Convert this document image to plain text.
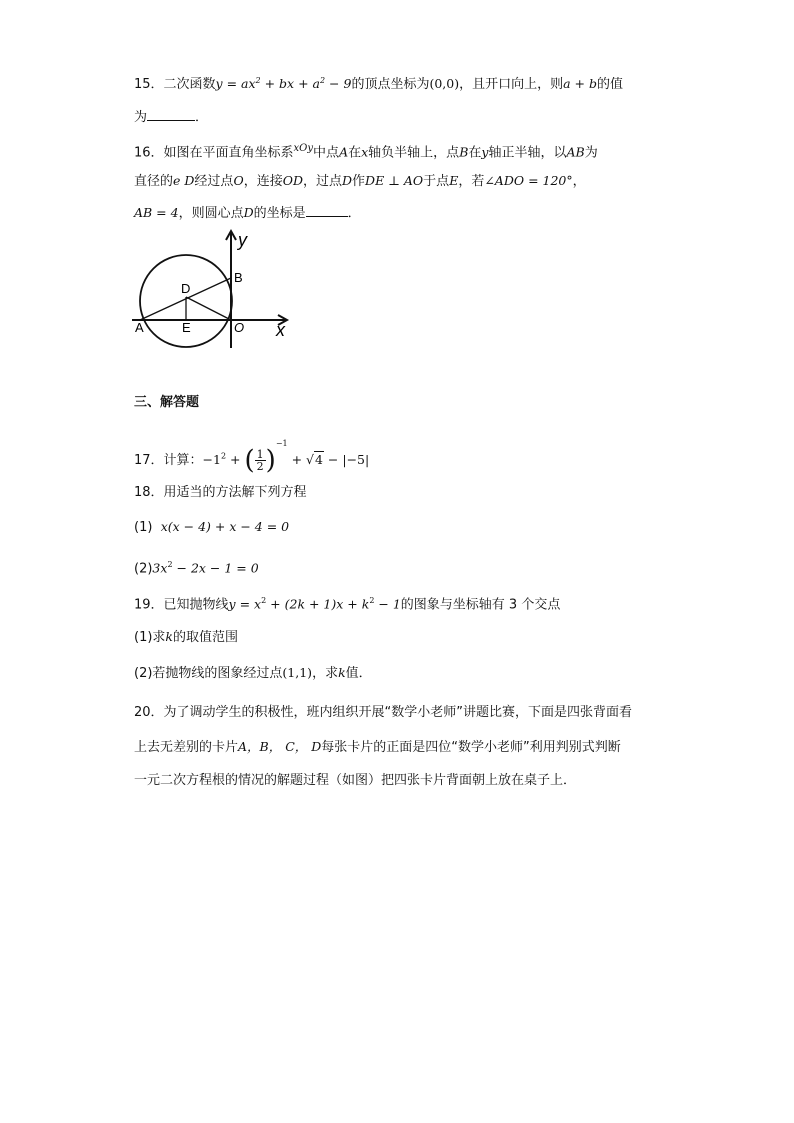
15．二次函数$y = ax^2$ + bx + $a^2 - 9$的顶点坐标为(0,0)，且开口向上，则a + b的值
为	．
16．如图在平面直角坐标系$^{xOy}$中点A在x轴负半轴上，点B在y轴正半轴，以AB为
直径的e D经过点O，连接OD，过点D作DE ⊥ AO于点E，若∠ADO = 120°，
AB = 4，则圆心点D的坐标是	．
y
x
B
D
A	E	O
三、解答题
17．计算：$-1^2$ + ( $\frac{1}{2} )^{-1} + √4 - |-5|$
18．用适当的方法解下列方程
(1) x(x − 4) + x − 4 = 0
$(2)3x^2 - 2x - 1 = 0$
19．已知抛物线$y = x^2 + (2k + 1)x + k^2 - 1$的图象与坐标轴有 3 个交点
(1)求k的取值范围
(2)若抛物线的图象经过点(1,1)，求k值．
20．为了调动学生的积极性，班内组织开展“数学小老师”讲题比赛，下面是四张背面看
上去无差别的卡片A，B， C， D每张卡片的正面是四位“数学小老师”利用判别式判断
一元二次方程根的情况的解题过程（如图）把四张卡片背面朝上放在桌子上．
